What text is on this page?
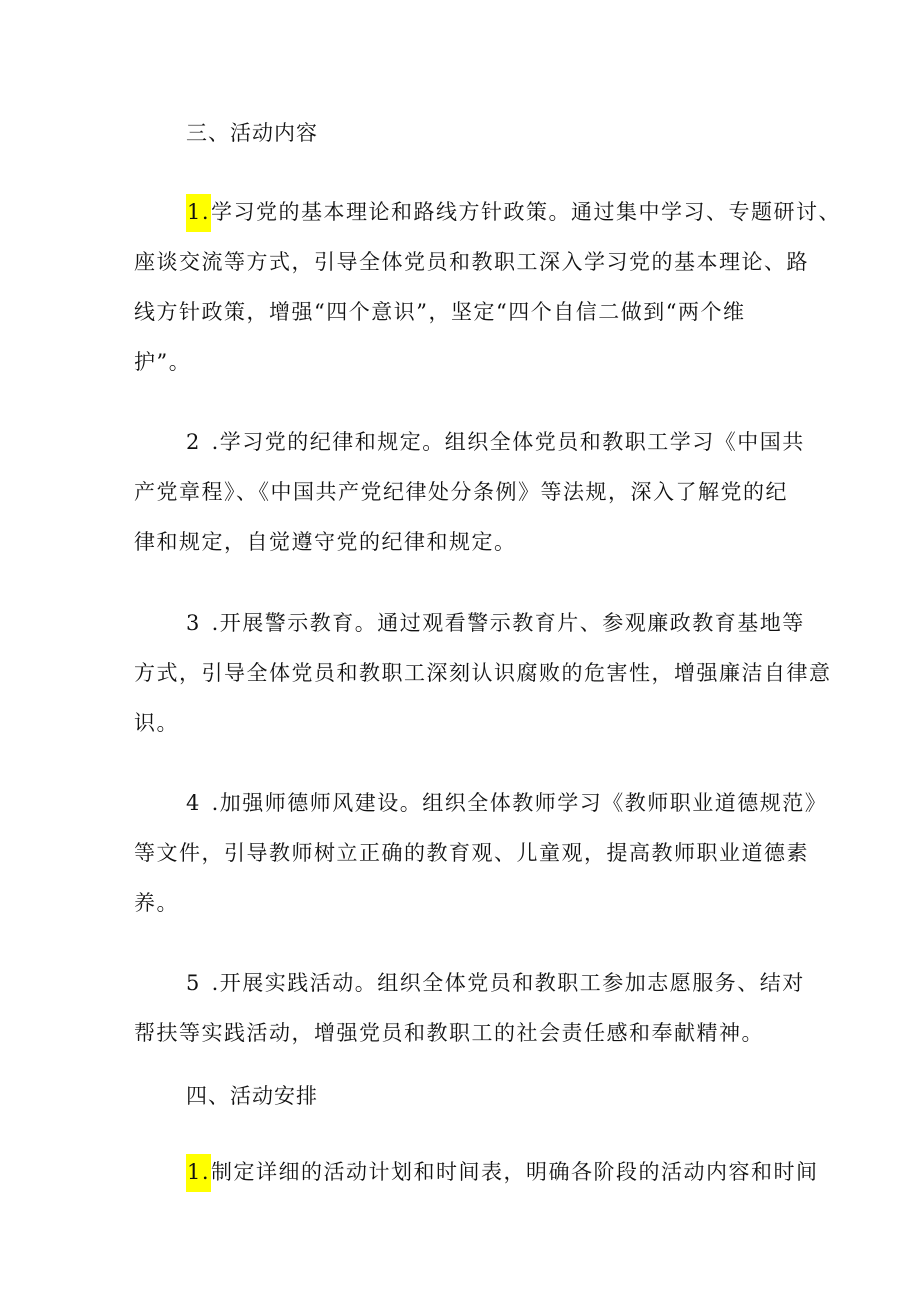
三、活动内容
1.学习党的基本理论和路线方针政策。通过集中学习、专题研讨、
座谈交流等方式，引导全体党员和教职工深入学习党的基本理论、路
线方针政策，增强“四个意识”，坚定“四个自信二做到“两个维
护”。
2 .学习党的纪律和规定。组织全体党员和教职工学习《中国共
产党章程》、《中国共产党纪律处分条例》等法规，深入了解党的纪
律和规定，自觉遵守党的纪律和规定。
3 .开展警示教育。通过观看警示教育片、参观廉政教育基地等
方式，引导全体党员和教职工深刻认识腐败的危害性，增强廉洁自律意
识。
4 .加强师德师风建设。组织全体教师学习《教师职业道德规范》
等文件，引导教师树立正确的教育观、儿童观，提高教师职业道德素
养。
5 .开展实践活动。组织全体党员和教职工参加志愿服务、结对
帮扶等实践活动，增强党员和教职工的社会责任感和奉献精神。
四、活动安排
1.制定详细的活动计划和时间表，明确各阶段的活动内容和时间
